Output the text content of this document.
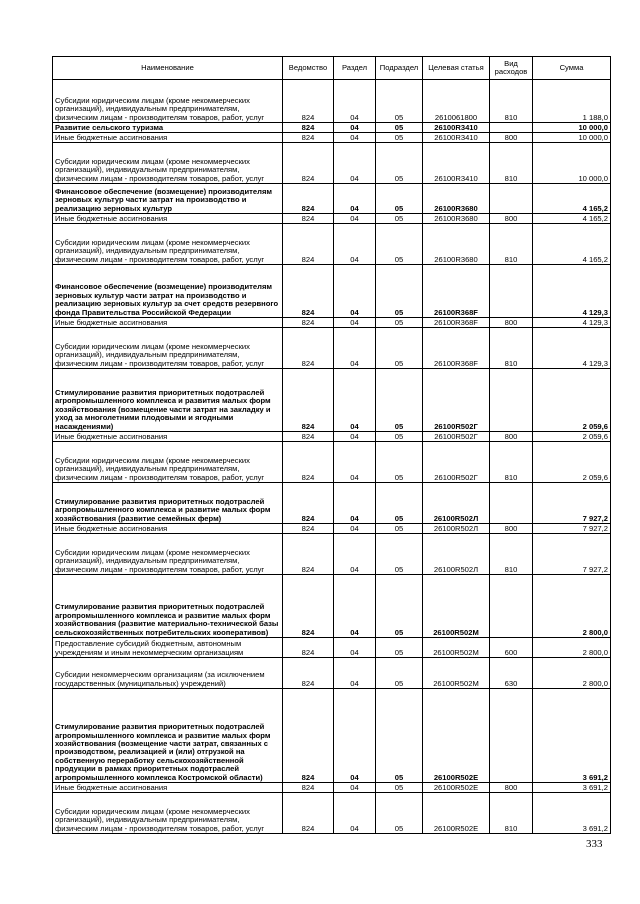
Наименование	Ведомство	Раздел	Подраздел	Целевая статья	Вид расходов	Сумма
Субсидии юридическим лицам (кроме некоммерческих организаций), индивидуальным предпринимателям, физическим лицам - производителям товаров, работ, услуг	824	04	05	2610061800	810	1 188,0
Развитие сельского туризма	824	04	05	26100R3410		10 000,0
Иные бюджетные ассигнования	824	04	05	26100R3410	800	10 000,0
Субсидии юридическим лицам (кроме некоммерческих организаций), индивидуальным предпринимателям, физическим лицам - производителям товаров, работ, услуг	824	04	05	26100R3410	810	10 000,0
Финансовое обеспечение (возмещение) производителям зерновых культур части затрат на производство и реализацию зерновых культур	824	04	05	26100R3680		4 165,2
Иные бюджетные ассигнования	824	04	05	26100R3680	800	4 165,2
Субсидии юридическим лицам (кроме некоммерческих организаций), индивидуальным предпринимателям, физическим лицам - производителям товаров, работ, услуг	824	04	05	26100R3680	810	4 165,2
Финансовое обеспечение (возмещение) производителям зерновых культур части затрат на производство и реализацию зерновых культур за счет средств резервного фонда Правительства Российской Федерации	824	04	05	26100R368F		4 129,3
Иные бюджетные ассигнования	824	04	05	26100R368F	800	4 129,3
Субсидии юридическим лицам (кроме некоммерческих организаций), индивидуальным предпринимателям, физическим лицам - производителям товаров, работ, услуг	824	04	05	26100R368F	810	4 129,3
Стимулирование развития приоритетных подотраслей агропромышленного комплекса и развития малых форм хозяйствования (возмещение части затрат на закладку и уход за многолетними плодовыми и ягодными насаждениями)	824	04	05	26100R502Г		2 059,6
Иные бюджетные ассигнования	824	04	05	26100R502Г	800	2 059,6
Субсидии юридическим лицам (кроме некоммерческих организаций), индивидуальным предпринимателям, физическим лицам - производителям товаров, работ, услуг	824	04	05	26100R502Г	810	2 059,6
Стимулирование развития приоритетных подотраслей агропромышленного комплекса и развитие малых форм хозяйствования (развитие семейных ферм)	824	04	05	26100R502Л		7 927,2
Иные бюджетные ассигнования	824	04	05	26100R502Л	800	7 927,2
Субсидии юридическим лицам (кроме некоммерческих организаций), индивидуальным предпринимателям, физическим лицам - производителям товаров, работ, услуг	824	04	05	26100R502Л	810	7 927,2
Стимулирование развития приоритетных подотраслей агропромышленного комплекса и развитие малых форм хозяйствования (развитие материально-технической базы сельскохозяйственных потребительских кооперативов)	824	04	05	26100R502М		2 800,0
Предоставление субсидий бюджетным, автономным учреждениям и иным некоммерческим организациям	824	04	05	26100R502М	600	2 800,0
Субсидии некоммерческим организациям (за исключением государственных (муниципальных) учреждений)	824	04	05	26100R502М	630	2 800,0
Стимулирование развития приоритетных подотраслей агропромышленного комплекса и развитие малых форм хозяйствования (возмещение части затрат, связанных с производством, реализацией и (или) отгрузкой на собственную переработку сельскохозяйственной продукции в рамках приоритетных подотраслей агропромышленного комплекса Костромской области)	824	04	05	26100R502Е		3 691,2
Иные бюджетные ассигнования	824	04	05	26100R502Е	800	3 691,2
Субсидии юридическим лицам (кроме некоммерческих организаций), индивидуальным предпринимателям, физическим лицам - производителям товаров, работ, услуг	824	04	05	26100R502Е	810	3 691,2
333
